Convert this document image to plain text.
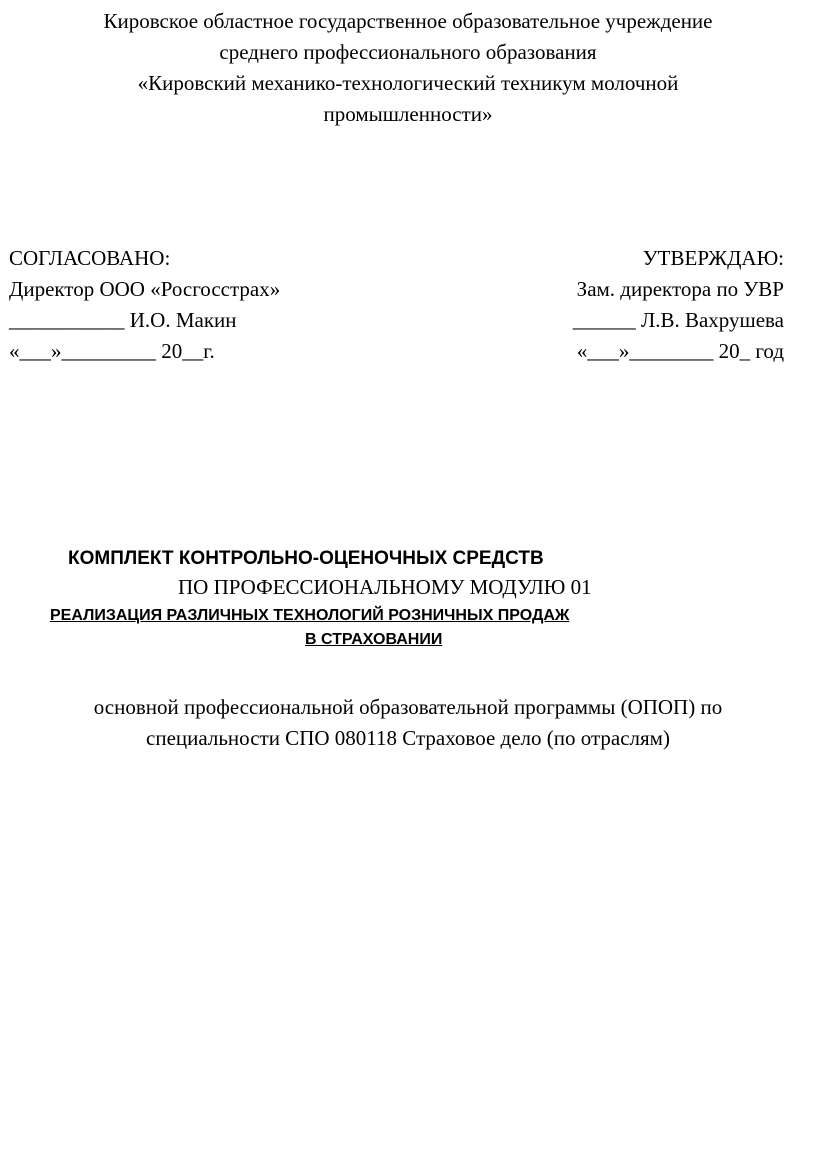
Кировское областное государственное образовательное учреждение
среднего профессионального образования
«Кировский механико-технологический техникум молочной
промышленности»
СОГЛАСОВАНО:
Директор ООО «Росгосстрах»
___________ И.О. Макин
«___»_________ 20__г.
УТВЕРЖДАЮ:
Зам. директора по УВР
______ Л.В. Вахрушева
«___»________ 20_ год
КОМПЛЕКТ КОНТРОЛЬНО-ОЦЕНОЧНЫХ СРЕДСТВ
ПО ПРОФЕССИОНАЛЬНОМУ МОДУЛЮ 01
РЕАЛИЗАЦИЯ РАЗЛИЧНЫХ ТЕХНОЛОГИЙ РОЗНИЧНЫХ ПРОДАЖ
В СТРАХОВАНИИ
основной профессиональной образовательной программы (ОПОП) по
специальности СПО 080118 Страховое дело (по отраслям)
